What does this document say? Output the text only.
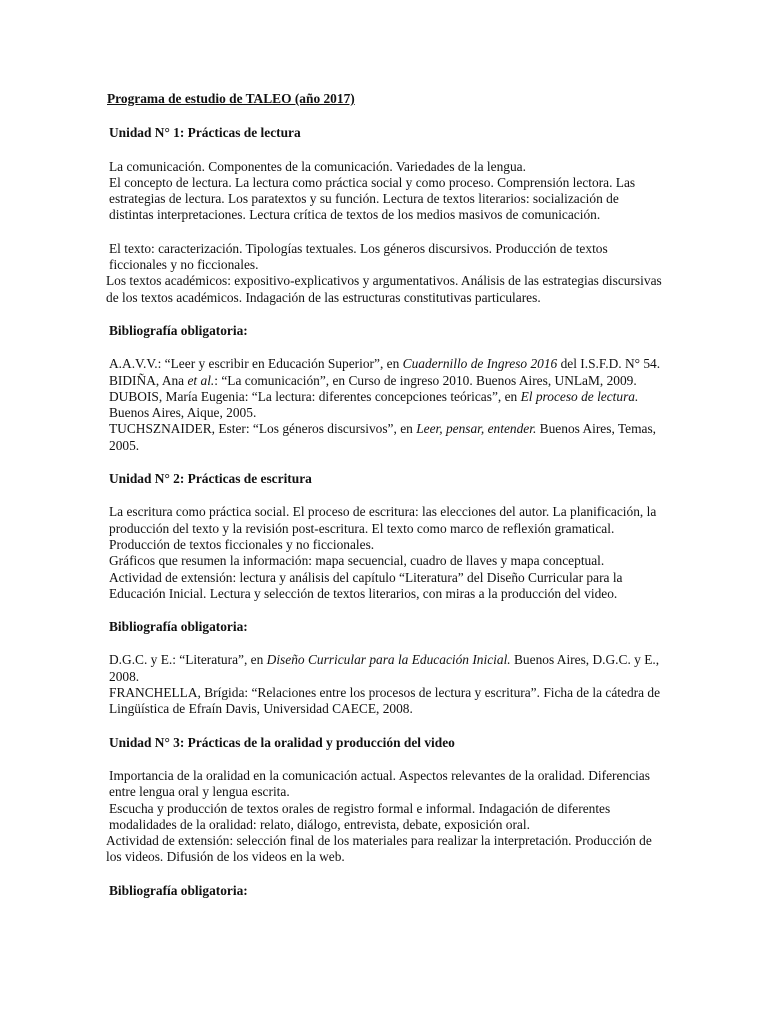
Programa de estudio de TALEO (año 2017)
Unidad N° 1: Prácticas de lectura

La comunicación. Componentes de la comunicación. Variedades de la lengua.

El concepto de lectura. La lectura como práctica social y como proceso. Comprensión lectora. Las estrategias de lectura. Los paratextos y su función. Lectura de textos literarios: socialización de distintas interpretaciones. Lectura crítica de textos de los medios masivos de comunicación.

El texto: caracterización. Tipologías textuales. Los géneros discursivos. Producción de textos ficcionales y no ficcionales.

Los textos académicos: expositivo-explicativos y argumentativos. Análisis de las estrategias discursivas de los textos académicos. Indagación de las estructuras constitutivas particulares.

Bibliografía obligatoria:

A.A.V.V.: “Leer y escribir en Educación Superior”, en Cuadernillo de Ingreso 2016 del I.S.F.D. N° 54.

BIDIÑA, Ana et al.: “La comunicación”, en Curso de ingreso 2010. Buenos Aires, UNLaM, 2009.

DUBOIS, María Eugenia: “La lectura: diferentes concepciones teóricas”, en El proceso de lectura. Buenos Aires, Aique, 2005.

TUCHSZNAIDER, Ester: “Los géneros discursivos”, en Leer, pensar, entender. Buenos Aires, Temas, 2005.

Unidad N° 2: Prácticas de escritura

La escritura como práctica social. El proceso de escritura: las elecciones del autor. La planificación, la producción del texto y la revisión post-escritura. El texto como marco de reflexión gramatical. Producción de textos ficcionales y no ficcionales.

Gráficos que resumen la información: mapa secuencial, cuadro de llaves y mapa conceptual.

Actividad de extensión: lectura y análisis del capítulo “Literatura” del Diseño Curricular para la Educación Inicial. Lectura y selección de textos literarios, con miras a la producción del video.

Bibliografía obligatoria:

D.G.C. y E.: “Literatura”, en Diseño Curricular para la Educación Inicial. Buenos Aires, D.G.C. y E., 2008.

FRANCHELLA, Brígida: “Relaciones entre los procesos de lectura y escritura”. Ficha de la cátedra de Lingüística de Efraín Davis, Universidad CAECE, 2008.

Unidad N° 3: Prácticas de la oralidad y producción del video

Importancia de la oralidad en la comunicación actual. Aspectos relevantes de la oralidad. Diferencias entre lengua oral y lengua escrita.

Escucha y producción de textos orales de registro formal e informal. Indagación de diferentes modalidades de la oralidad: relato, diálogo, entrevista, debate, exposición oral.

Actividad de extensión: selección final de los materiales para realizar la interpretación. Producción de los videos. Difusión de los videos en la web.

Bibliografía obligatoria:
